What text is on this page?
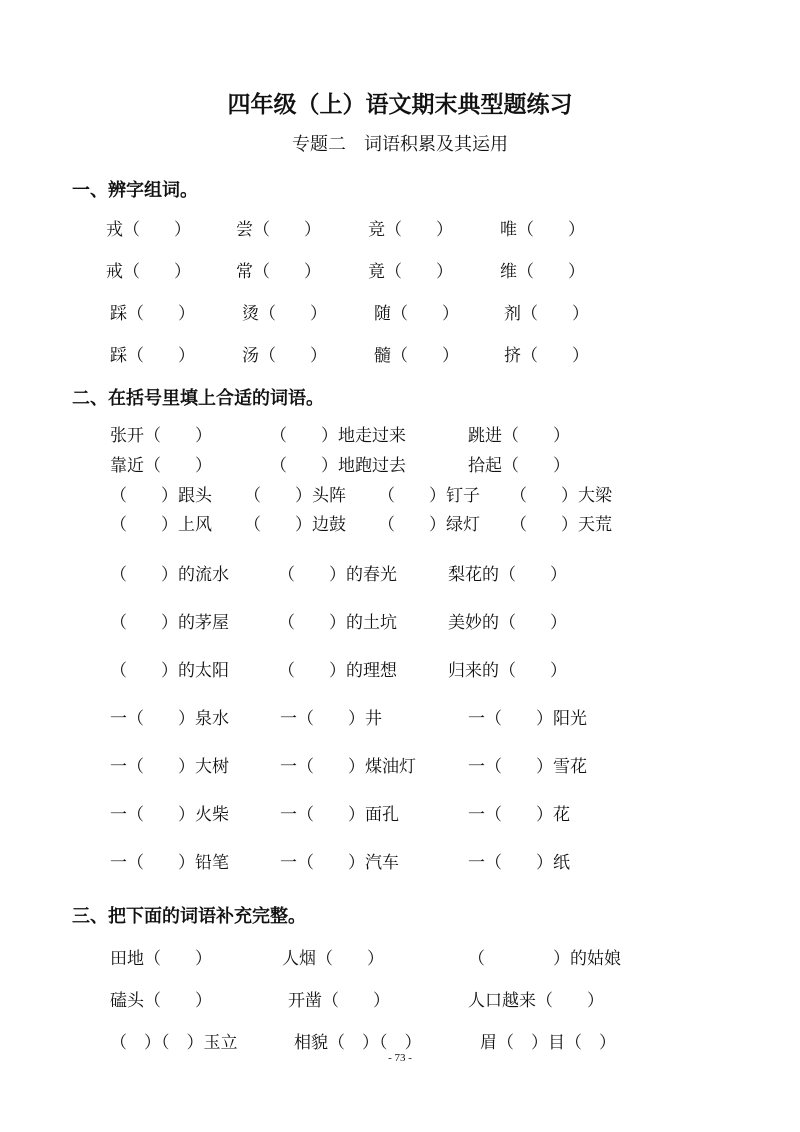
四年级（上）语文期末典型题练习
专题二　词语积累及其运用
一、辨字组词。
戎（　　）	尝（　　）	竞（　　）	唯（　　）
戒（　　）	常（　　）	竟（　　）	维（　　）
踩（　　）	烫（　　）	随（　　）	剂（　　）
踩（　　）	汤（　　）	髓（　　）	挤（　　）
二、在括号里填上合适的词语。
张开（　　）	（　　）地走过来	跳进（　　）
靠近（　　）	（　　）地跑过去	拾起（　　）
（　　）跟头 （　　）头阵 （　　）钉子 （　　）大梁
（　　）上风 （　　）边鼓 （　　）绿灯 （　　）天荒
（　　）的流水	（　　）的春光	梨花的（　　）
（　　）的茅屋	（　　）的土坑	美妙的（　　）
（　　）的太阳	（　　）的理想	归来的（　　）
一（　　）泉水	一（　　）井	一（　　）阳光
一（　　）大树	一（　　）煤油灯	一（　　）雪花
一（　　）火柴	一（　　）面孔	一（　　）花
一（　　）铅笔	一（　　）汽车	一（　　）纸
三、把下面的词语补充完整。
田地（　　）	人烟（　　）	（　　　　）的姑娘
磕头（　　）	开凿（　　）	人口越来（　　）
（　）（　）玉立	相貌（　）（　）	眉（　）目（　）
- 73 -
